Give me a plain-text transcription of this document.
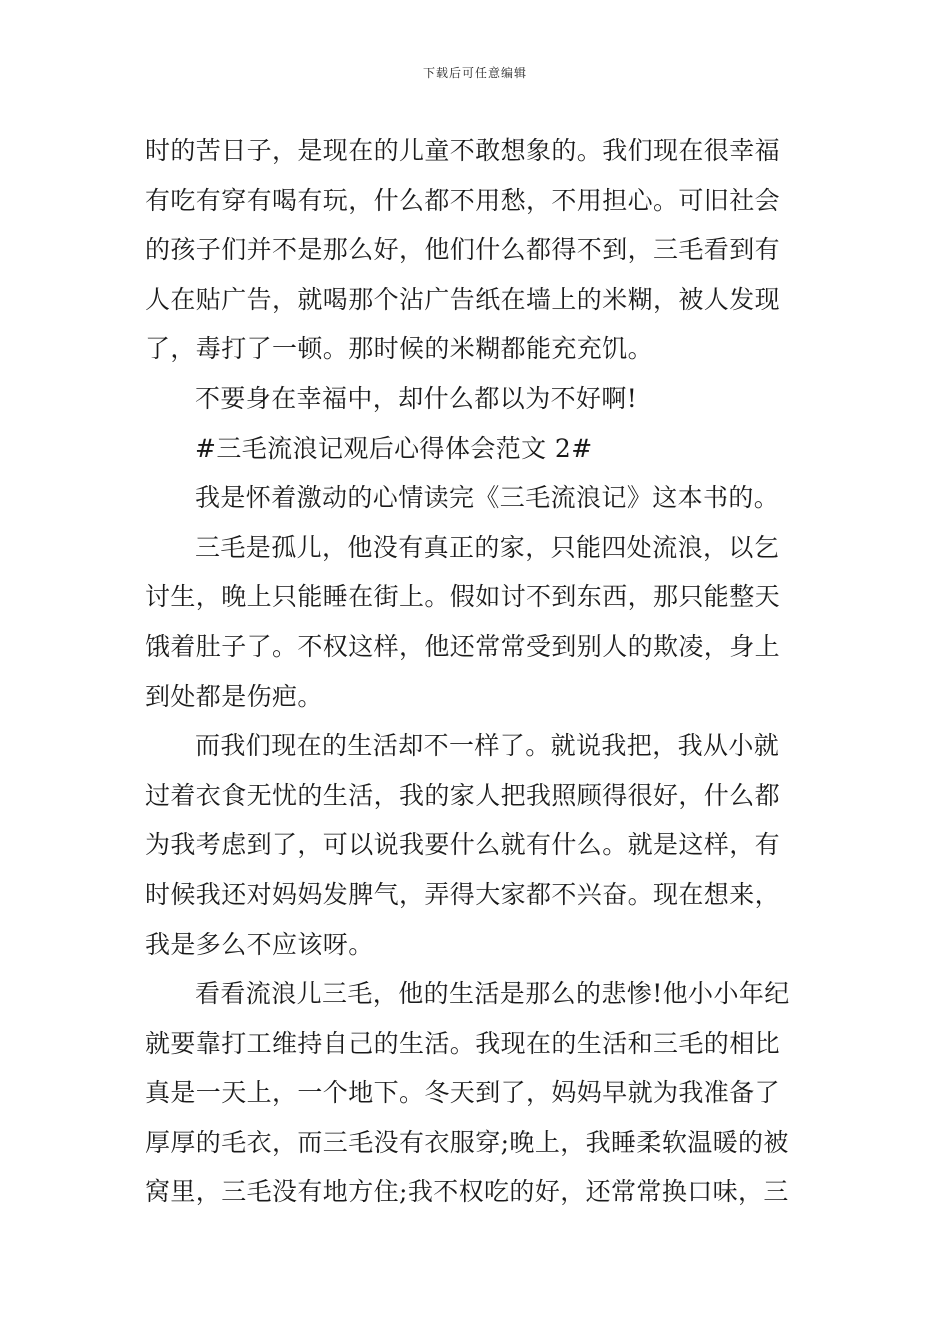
下载后可任意编辑
时的苦日子，是现在的儿童不敢想象的。我们现在很幸福
有吃有穿有喝有玩，什么都不用愁，不用担心。可旧社会
的孩子们并不是那么好，他们什么都得不到，三毛看到有
人在贴广告，就喝那个沾广告纸在墙上的米糊，被人发现
了，毒打了一顿。那时候的米糊都能充充饥。
不要身在幸福中，却什么都以为不好啊!
#三毛流浪记观后心得体会范文 2#
我是怀着激动的心情读完《三毛流浪记》这本书的。
三毛是孤儿，他没有真正的家，只能四处流浪，以乞
讨生，晚上只能睡在街上。假如讨不到东西，那只能整天
饿着肚子了。不权这样，他还常常受到别人的欺凌，身上
到处都是伤疤。
而我们现在的生活却不一样了。就说我把，我从小就
过着衣食无忧的生活，我的家人把我照顾得很好，什么都
为我考虑到了，可以说我要什么就有什么。就是这样，有
时候我还对妈妈发脾气，弄得大家都不兴奋。现在想来，
我是多么不应该呀。
看看流浪儿三毛，他的生活是那么的悲惨!他小小年纪
就要靠打工维持自己的生活。我现在的生活和三毛的相比
真是一天上，一个地下。冬天到了，妈妈早就为我准备了
厚厚的毛衣，而三毛没有衣服穿;晚上，我睡柔软温暖的被
窝里，三毛没有地方住;我不权吃的好，还常常换口味，三
